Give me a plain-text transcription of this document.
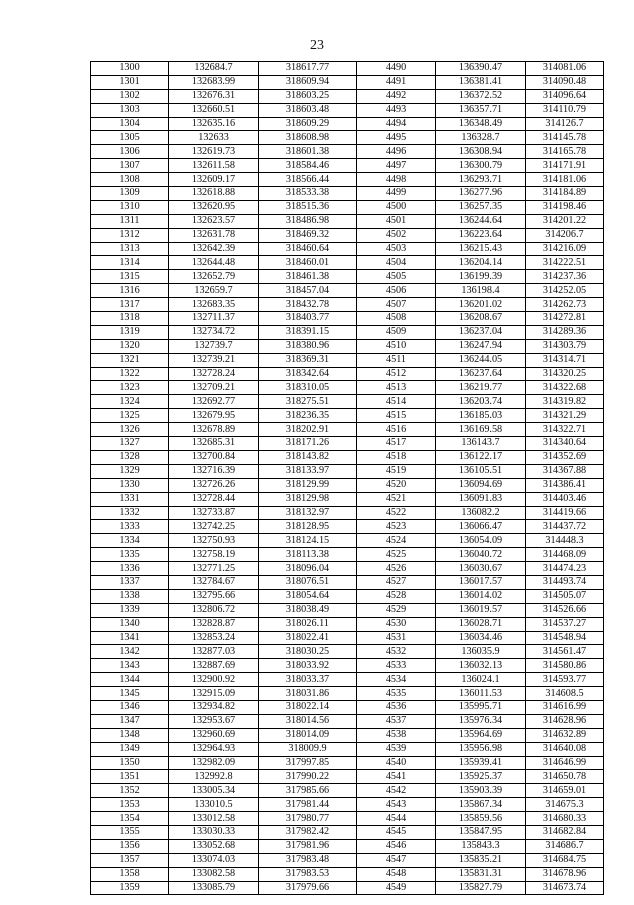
23
1300	132684.7	318617.77	4490	136390.47	314081.06
1301	132683.99	318609.94	4491	136381.41	314090.48
1302	132676.31	318603.25	4492	136372.52	314096.64
1303	132660.51	318603.48	4493	136357.71	314110.79
1304	132635.16	318609.29	4494	136348.49	314126.7
1305	132633	318608.98	4495	136328.7	314145.78
1306	132619.73	318601.38	4496	136308.94	314165.78
1307	132611.58	318584.46	4497	136300.79	314171.91
1308	132609.17	318566.44	4498	136293.71	314181.06
1309	132618.88	318533.38	4499	136277.96	314184.89
1310	132620.95	318515.36	4500	136257.35	314198.46
1311	132623.57	318486.98	4501	136244.64	314201.22
1312	132631.78	318469.32	4502	136223.64	314206.7
1313	132642.39	318460.64	4503	136215.43	314216.09
1314	132644.48	318460.01	4504	136204.14	314222.51
1315	132652.79	318461.38	4505	136199.39	314237.36
1316	132659.7	318457.04	4506	136198.4	314252.05
1317	132683.35	318432.78	4507	136201.02	314262.73
1318	132711.37	318403.77	4508	136208.67	314272.81
1319	132734.72	318391.15	4509	136237.04	314289.36
1320	132739.7	318380.96	4510	136247.94	314303.79
1321	132739.21	318369.31	4511	136244.05	314314.71
1322	132728.24	318342.64	4512	136237.64	314320.25
1323	132709.21	318310.05	4513	136219.77	314322.68
1324	132692.77	318275.51	4514	136203.74	314319.82
1325	132679.95	318236.35	4515	136185.03	314321.29
1326	132678.89	318202.91	4516	136169.58	314322.71
1327	132685.31	318171.26	4517	136143.7	314340.64
1328	132700.84	318143.82	4518	136122.17	314352.69
1329	132716.39	318133.97	4519	136105.51	314367.88
1330	132726.26	318129.99	4520	136094.69	314386.41
1331	132728.44	318129.98	4521	136091.83	314403.46
1332	132733.87	318132.97	4522	136082.2	314419.66
1333	132742.25	318128.95	4523	136066.47	314437.72
1334	132750.93	318124.15	4524	136054.09	314448.3
1335	132758.19	318113.38	4525	136040.72	314468.09
1336	132771.25	318096.04	4526	136030.67	314474.23
1337	132784.67	318076.51	4527	136017.57	314493.74
1338	132795.66	318054.64	4528	136014.02	314505.07
1339	132806.72	318038.49	4529	136019.57	314526.66
1340	132828.87	318026.11	4530	136028.71	314537.27
1341	132853.24	318022.41	4531	136034.46	314548.94
1342	132877.03	318030.25	4532	136035.9	314561.47
1343	132887.69	318033.92	4533	136032.13	314580.86
1344	132900.92	318033.37	4534	136024.1	314593.77
1345	132915.09	318031.86	4535	136011.53	314608.5
1346	132934.82	318022.14	4536	135995.71	314616.99
1347	132953.67	318014.56	4537	135976.34	314628.96
1348	132960.69	318014.09	4538	135964.69	314632.89
1349	132964.93	318009.9	4539	135956.98	314640.08
1350	132982.09	317997.85	4540	135939.41	314646.99
1351	132992.8	317990.22	4541	135925.37	314650.78
1352	133005.34	317985.66	4542	135903.39	314659.01
1353	133010.5	317981.44	4543	135867.34	314675.3
1354	133012.58	317980.77	4544	135859.56	314680.33
1355	133030.33	317982.42	4545	135847.95	314682.84
1356	133052.68	317981.96	4546	135843.3	314686.7
1357	133074.03	317983.48	4547	135835.21	314684.75
1358	133082.58	317983.53	4548	135831.31	314678.96
1359	133085.79	317979.66	4549	135827.79	314673.74
